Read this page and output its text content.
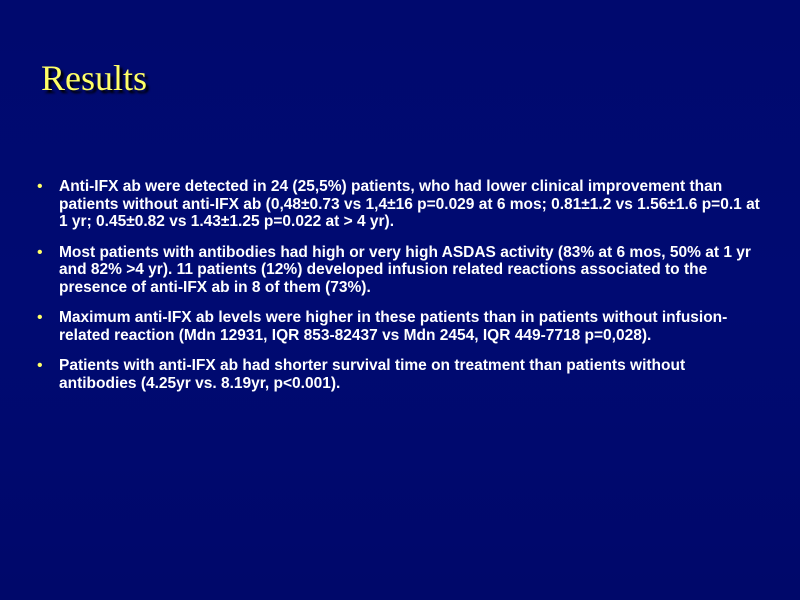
Results
•	Anti-IFX ab were detected in 24 (25,5%) patients, who had lower clinical improvement than patients without anti-IFX ab (0,48±0.73 vs 1,4±16 p=0.029 at 6 mos; 0.81±1.2 vs 1.56±1.6 p=0.1 at 1 yr; 0.45±0.82 vs 1.43±1.25 p=0.022 at > 4 yr).
•	Most patients with antibodies had high or very high ASDAS activity (83% at 6 mos, 50% at 1 yr and 82% >4 yr). 11 patients (12%) developed infusion related reactions associated to the presence of anti-IFX ab in 8 of them (73%).
•	Maximum anti-IFX ab levels were higher in these patients than in patients without infusion-related reaction (Mdn 12931, IQR 853-82437 vs Mdn 2454, IQR 449-7718 p=0,028).
•	Patients with anti-IFX ab had shorter survival time on treatment than patients without antibodies (4.25yr vs. 8.19yr, p<0.001).
